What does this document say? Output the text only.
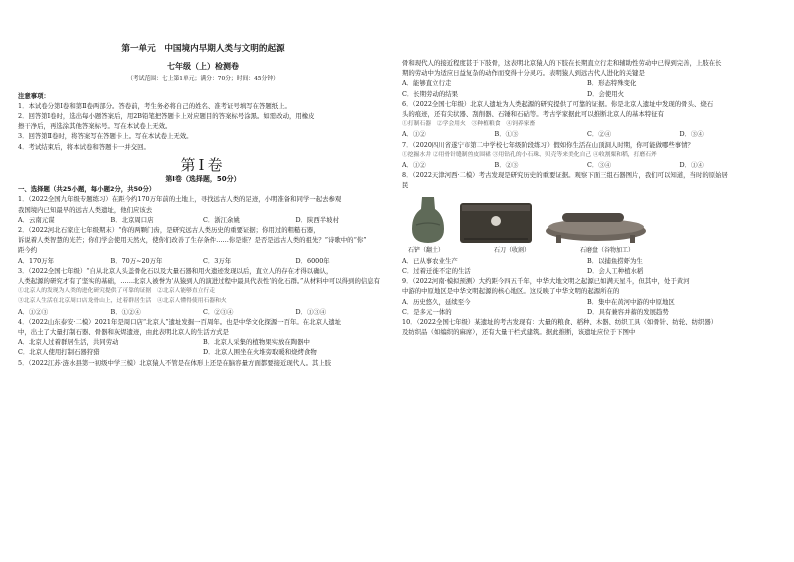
第一单元　中国境内早期人类与文明的起源
七年级（上）检测卷
（考试范围：七上第1单元；满分：70分；时间：45分钟）
注意事项：
1．本试卷分第Ⅰ卷和第Ⅱ卷两部分。答卷前，考生务必将自己的姓名、准考证号填写在答题纸上。
2．回答第Ⅰ卷时，选出每小题答案后，用2B铅笔把答题卡上对应题目的答案标号涂黑。如需改动，用橡皮
擦干净后，再选涂其他答案标号。写在本试卷上无效。
3．回答第Ⅱ卷时，将答案写在答题卡上。写在本试卷上无效。
4．考试结束后，将本试卷和答题卡一并交回。
第Ⅰ卷
第Ⅰ卷（选择题，50分）
一、选择题（共25小题，每小题2分，共50分）
1．（2022全国九年级专题练习）在距今约170万年前的土地上，寻找远古人类的足迹，小明准备和同学一起去参观
我国境内已知最早的远古人类遗址，他们应该去
A．云南元谋	B．北京周口店	C．浙江余姚	D．陕西半坡村
2．（2022河北石家庄七年级期末）“你的两颗门齿，是研究远古人类历史的重要证据；你用过的粗糙石器，
诉说着人类智慧的光芒；你们学会使用天然火，使你们改善了生存条件……你是谁？是否是远古人类的祖先？”诗歌中的“你”
距今约
A．170万年	B．70万~20万年	C．3万年	D．6000年
3．（2022全国七年级）“自从北京人头盖骨化石以及大量石器和用火遗迹发现以后，直立人的存在才得以确认，
人类起源的研究才有了坚实的基础，……北京人被誉为‘从猿到人的演进过程中最具代表性’的化石群。”从材料中可以得到的信息有
①北京人的发现为人类的进化研究提供了可靠的证据　②北京人能够直立行走
③北京人生活在北京周口店龙骨山上，过着群居生活　④北京人懂得使用石器和火
A．①②③	B．①②④	C．②③④	D．①③④
4．（2022山东泰安·二模）2021年是周口店“北京人”遗址发掘一百周年。也是中华文化探源一百年。在北京人遗址
中，出土了大量打制石器、骨器和灰烬遗迹，由此表明北京人的生活方式是
A．北京人过着群居生活，共同劳动	B．北京人采集的植物果实放在陶器中
C．北京人使用打制石器狩猎	D．北京人围坐在火堆旁取暖和烧烤食物
5．（2022江苏·涟水县第一初级中学三模）北京猿人不管是在体形上还是在脑容量方面都要接近现代人。其上肢
骨和现代人的接近程度甚于下肢骨，这表明北京猿人的下肢在长期直立行走和辅助性劳动中已得到完善，上肢在长
期的劳动中为适应日益复杂的动作而变得十分灵巧。表明猿人到远古代人进化的关键是
A．能够直立行走	B．形态特殊变化
C．长期劳动的结果	D．会使用火
6．（2022全国七年级）北京人遗址为人类起源的研究提供了可靠的证据。你是北京人遗址中发现的骨头、烧石
头的痕迹，还有尖状器、刮削器、石锤和石砧等。考古学家据此可以推断北京人的基本特征有
①打制石器　②学会用火　③种植粮食　④饲养家畜
A．①②	B．①③	C．②④	D．③④
7．（2020四川省遂宁市第二中学校七年级阶段练习）假如你生活在山顶洞人时期，你可能做哪些事情？
①挖掘水井 ②用骨针缝制兽皮围裙 ③用钻孔的小石珠、贝壳等来美化自己 ④收割粟和稻，打磨石斧
A．①②	B．②③	C．③④	D．①④
8．（2022天津河西·二模）考古发现是研究历史的重要证据。观察下面三组石器图片，我们可以知道，当时的原始居
民
石铲（翻土）	石刀（收割）	石磨盘（谷物加工）
A．已从事农业生产	B．以捕鱼捞虾为生
C．过着迁徙不定的生活	D．会人工种植水稻
9．（2022河南·模拟预测）大约距今四五千年，中华大地文明之起源已如满天星斗，但其中，处于黄河
中游的中原地区是中华文明起源的核心地区。这反映了中华文明的起源所在的
A．历史悠久，延续至今	B．集中在黄河中游的中原地区
C．是多元一体的	D．具有兼容并蓄的发展趋势
10．（2022全国七年级）某遗址的考古发现有：大量的粮食、稻种、木器、纺织工具（如骨针、纺轮、纺织器）
及纺织品（如编织的麻席），还有大量干栏式建筑。据此推断，该遗址应位于下图中
